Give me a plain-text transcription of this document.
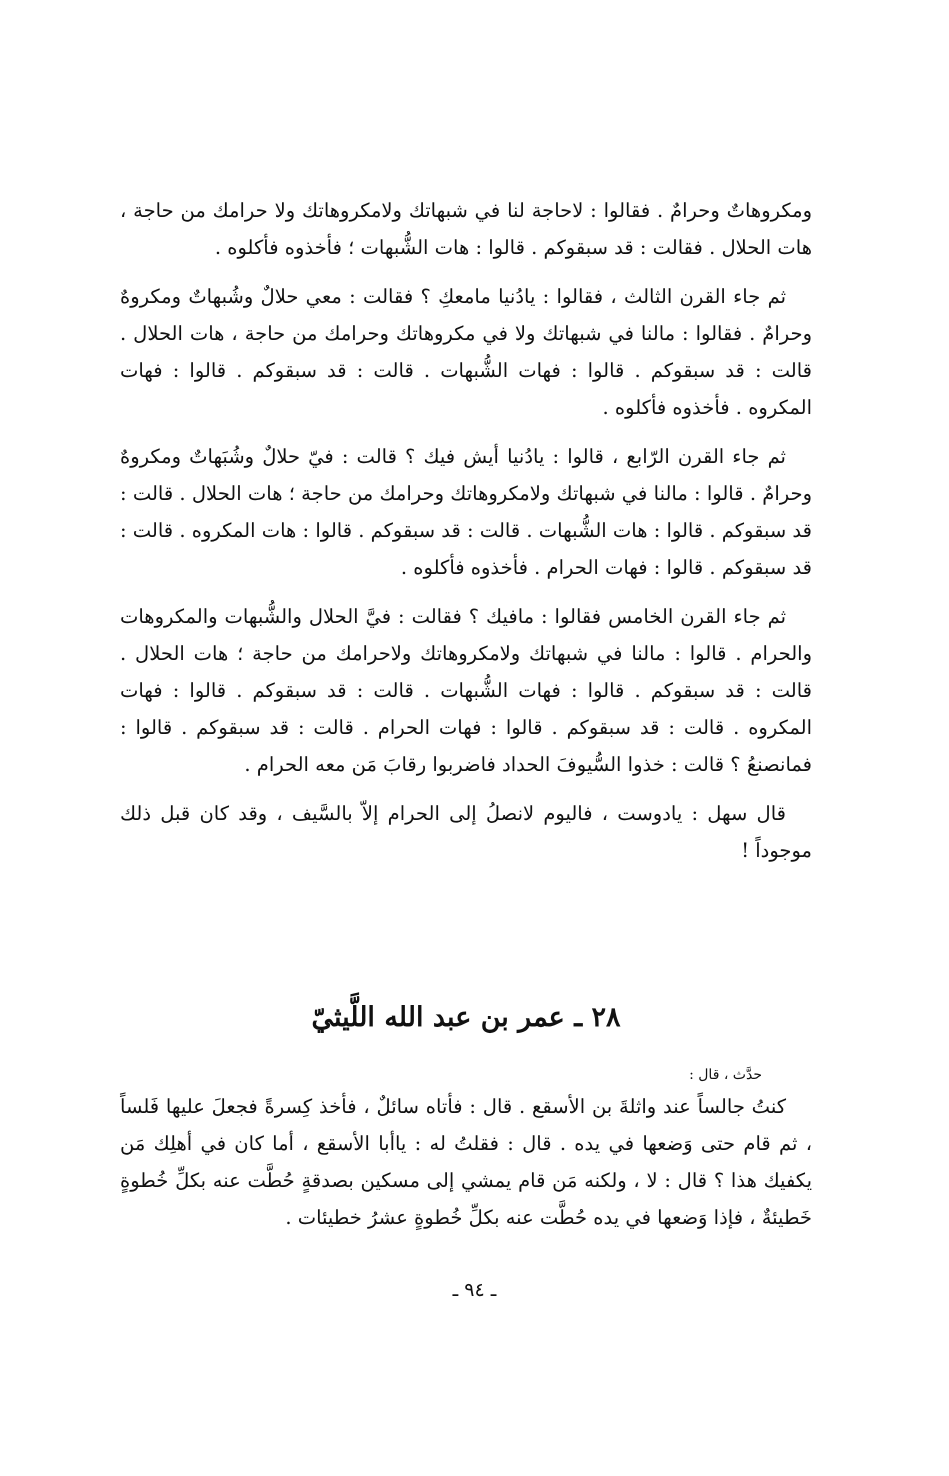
ومكروهاتٌ وحرامٌ . فقالوا : لاحاجة لنا في شبهاتك ولامكروهاتك ولا حرامك من حاجة ، هات الحلال . فقالت : قد سبقوكم . قالوا : هات الشُّبهات ؛ فأخذوه فأكلوه .

ثم جاء القرن الثالث ، فقالوا : يادُنيا مامعكِ ؟ فقالت : معي حلالٌ وشُبهاتٌ ومكروهٌ وحرامٌ . فقالوا : مالنا في شبهاتك ولا في مكروهاتك وحرامك من حاجة ، هات الحلال . قالت : قد سبقوكم . قالوا : فهات الشُّبهات . قالت : قد سبقوكم . قالوا : فهات المكروه . فأخذوه فأكلوه .

ثم جاء القرن الرّابع ، قالوا : يادُنيا أيش فيك ؟ قالت : فيّ حلالٌ وشُبَهاتٌ ومكروهٌ وحرامٌ . قالوا : مالنا في شبهاتك ولامكروهاتك وحرامك من حاجة ؛ هات الحلال . قالت : قد سبقوكم . قالوا : هات الشُّبهات . قالت : قد سبقوكم . قالوا : هات المكروه . قالت : قد سبقوكم . قالوا : فهات الحرام . فأخذوه فأكلوه .

ثم جاء القرن الخامس فقالوا : مافيك ؟ فقالت : فيَّ الحلال والشُّبهات والمكروهات والحرام . قالوا : مالنا في شبهاتك ولامكروهاتك ولاحرامك من حاجة ؛ هات الحلال . قالت : قد سبقوكم . قالوا : فهات الشُّبهات . قالت : قد سبقوكم . قالوا : فهات المكروه . قالت : قد سبقوكم . قالوا : فهات الحرام . قالت : قد سبقوكم . قالوا : فمانصنعُ ؟ قالت : خذوا السُّيوفَ الحداد فاضربوا رقابَ مَن معه الحرام .

قال سهل : يادوست ، فاليوم لانصلُ إلى الحرام إلاّ بالسَّيف ، وقد كان قبل ذلك موجوداً !

٢٨ ـ عمر بن عبد الله اللَّيثيّ
حدَّث ، قال :

كنتُ جالساً عند واثلةَ بن الأسقع . قال : فأتاه سائلٌ ، فأخذ كِسرةً فجعلَ عليها فَلساً ، ثم قام حتى وَضعها في يده . قال : فقلتُ له : ياأبا الأسقع ، أما كان في أهلِك مَن يكفيك هذا ؟ قال : لا ، ولكنه مَن قام يمشي إلى مسكين بصدقةٍ حُطَّت عنه بكلِّ خُطوةٍ خَطيئةٌ ، فإذا وَضعها في يده حُطَّت عنه بكلِّ خُطوةٍ عشرُ خطيئات .

ـ ٩٤ ـ
